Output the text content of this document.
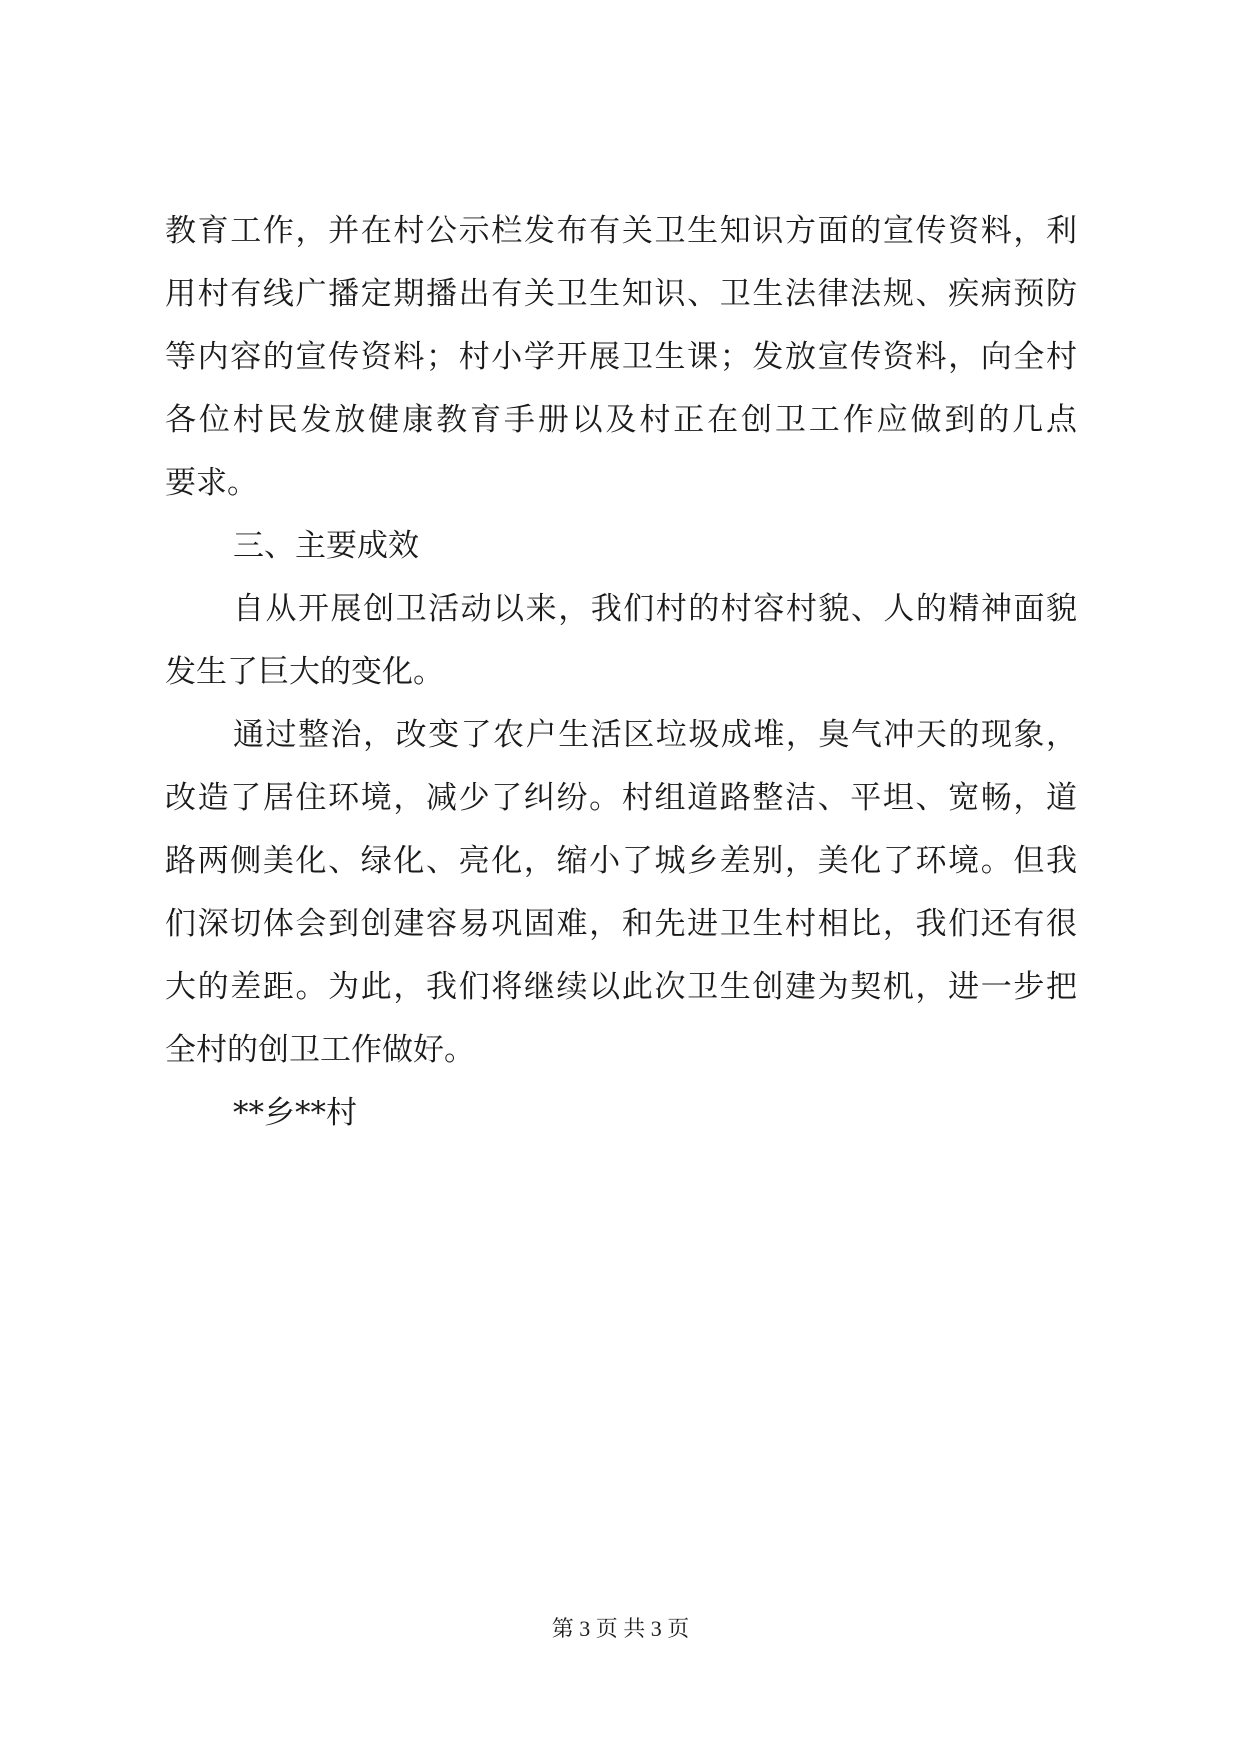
教育工作，并在村公示栏发布有关卫生知识方面的宣传资料，利
用村有线广播定期播出有关卫生知识、卫生法律法规、疾病预防
等内容的宣传资料；村小学开展卫生课；发放宣传资料，向全村
各位村民发放健康教育手册以及村正在创卫工作应做到的几点
要求。
三、主要成效
自从开展创卫活动以来，我们村的村容村貌、人的精神面貌
发生了巨大的变化。
通过整治，改变了农户生活区垃圾成堆，臭气冲天的现象，
改造了居住环境，减少了纠纷。村组道路整洁、平坦、宽畅，道
路两侧美化、绿化、亮化，缩小了城乡差别，美化了环境。但我
们深切体会到创建容易巩固难，和先进卫生村相比，我们还有很
大的差距。为此，我们将继续以此次卫生创建为契机，进一步把
全村的创卫工作做好。
**乡**村
第 3 页 共 3 页
